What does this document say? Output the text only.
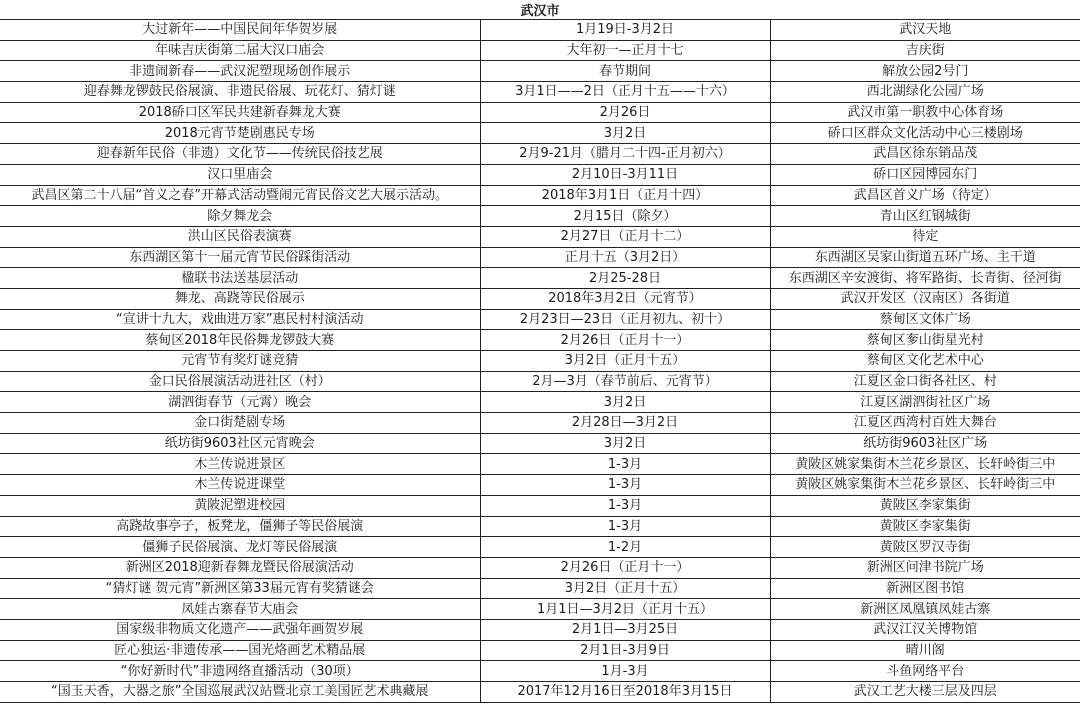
武汉市		
大过新年——中国民间年华贺岁展	1月19日-3月2日	武汉天地
年味吉庆街第二届大汉口庙会	大年初一—正月十七	吉庆街
非遗闹新春——武汉泥塑现场创作展示	春节期间	解放公园2号门
迎春舞龙锣鼓民俗展演、非遗民俗展、玩花灯、猜灯谜	3月1日——2日（正月十五——十六）	西北湖绿化公园广场
2018硚口区军民共建新春舞龙大赛	2月26日	武汉市第一职教中心体育场
2018元宵节楚剧惠民专场	3月2日	硚口区群众文化活动中心三楼剧场
迎春新年民俗（非遗）文化节——传统民俗技艺展	2月9-21月（腊月二十四-正月初六）	武昌区徐东销品茂
汉口里庙会	2月10日-3月11日	硚口区园博园东门
武昌区第二十八届“首义之春”开幕式活动暨闹元宵民俗文艺大展示活动。	2018年3月1日（正月十四）	武昌区首义广场（待定）
除夕舞龙会	2月15日（除夕）	青山区红钢城街
洪山区民俗表演赛	2月27日（正月十二）	待定
东西湖区第十一届元宵节民俗踩街活动	正月十五（3月2日）	东西湖区吴家山街道五环广场、主干道
楹联书法送基层活动	2月25-28日	东西湖区辛安渡街、将军路街、长青街、径河街
舞龙、高跷等民俗展示	2018年3月2日（元宵节）	武汉开发区（汉南区）各街道
“宣讲十九大，戏曲进万家”惠民村村演活动	2月23日—23日（正月初九、初十）	蔡甸区文体广场
蔡甸区2018年民俗舞龙锣鼓大赛	2月26日（正月十一）	蔡甸区奓山街星光村
元宵节有奖灯谜竞猜	3月2日（正月十五）	蔡甸区文化艺术中心
金口民俗展演活动进社区（村）	2月—3月（春节前后、元宵节）	江夏区金口街各社区、村
湖泗街春节（元霄）晚会	3月2日	江夏区湖泗街社区广场
金口街楚剧专场	2月28日—3月2日	江夏区西湾村百姓大舞台
纸坊街9603社区元宵晚会	3月2日	纸坊街9603社区广场
木兰传说进景区	1-3月	黄陂区姚家集街木兰花乡景区、长轩岭街三中
木兰传说进课堂	1-3月	黄陂区姚家集街木兰花乡景区、长轩岭街三中
黄陂泥塑进校园	1-3月	黄陂区李家集街
高跷故事亭子，板凳龙，僵狮子等民俗展演	1-3月	黄陂区李家集街
僵狮子民俗展演、龙灯等民俗展演	1-2月	黄陂区罗汉寺街
新洲区2018迎新春舞龙暨民俗展演活动	2月26日（正月十一）	新洲区问津书院广场
“猜灯谜 贺元宵”新洲区第33届元宵有奖猜谜会	3月2日（正月十五）	新洲区图书馆
凤娃古寨春节大庙会	1月1日—3月2日（正月十五）	新洲区凤凰镇凤娃古寨
国家级非物质文化遗产——武强年画贺岁展	2月1日—3月25日	武汉江汉关博物馆
匠心独运·非遗传承——国光烙画艺术精品展	2月1日-3月9日	晴川阁
“你好新时代”非遗网络直播活动（30项）	1月-3月	斗鱼网络平台
“国玉天香，大器之旅”全国巡展武汉站暨北京工美国匠艺术典藏展	2017年12月16日至2018年3月15日	武汉工艺大楼三层及四层
